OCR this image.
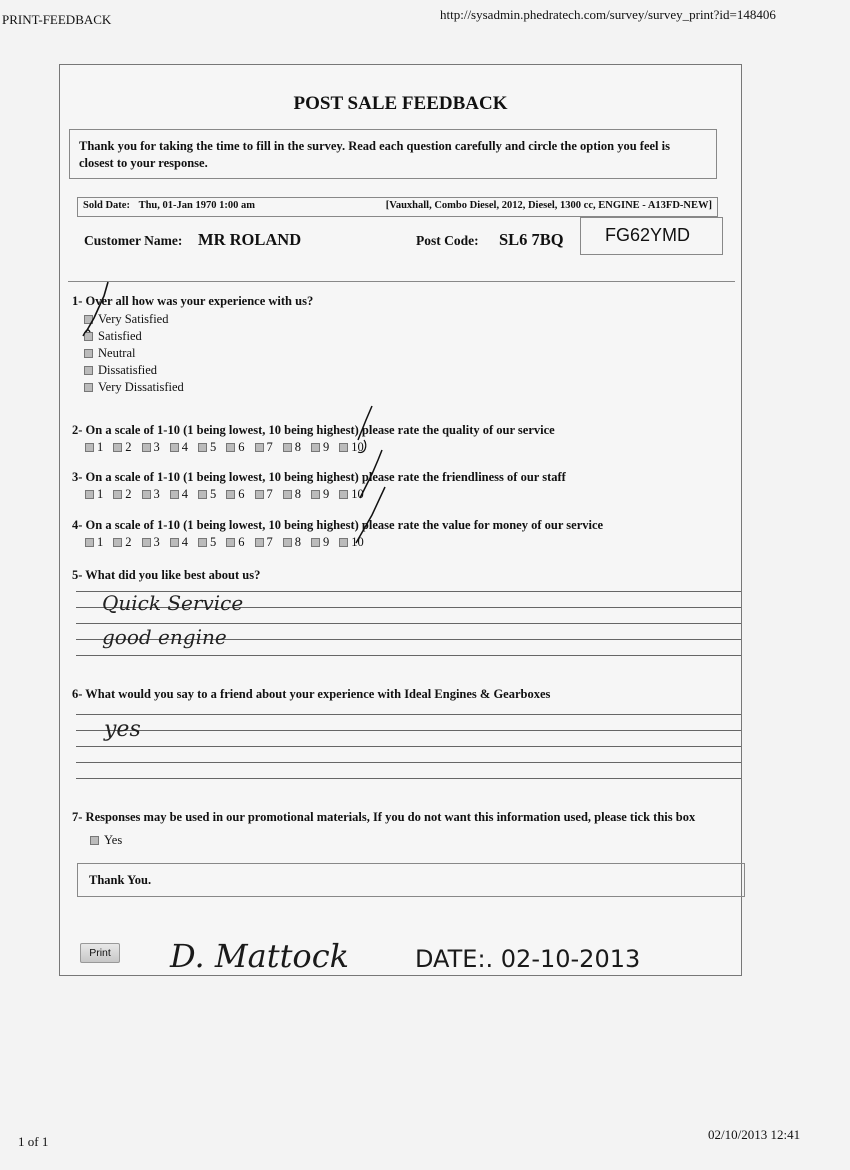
PRINT-FEEDBACK	http://sysadmin.phedratech.com/survey/survey_print?id=148406
POST SALE FEEDBACK
Thank you for taking the time to fill in the survey. Read each question carefully and circle the option you feel is closest to your response.
Sold Date: Thu, 01-Jan 1970 1:00 am	[Vauxhall, Combo Diesel, 2012, Diesel, 1300 cc, ENGINE - A13FD-NEW]
Customer Name: MR ROLAND	Post Code: SL6 7BQ	FG62YMD
1- Over all how was your experience with us?
Very Satisfied
Satisfied
Neutral
Dissatisfied
Very Dissatisfied
2- On a scale of 1-10 (1 being lowest, 10 being highest) please rate the quality of our service
1 2 3 4 5 6 7 8 9 10
3- On a scale of 1-10 (1 being lowest, 10 being highest) please rate the friendliness of our staff
1 2 3 4 5 6 7 8 9 10
4- On a scale of 1-10 (1 being lowest, 10 being highest) please rate the value for money of our service
1 2 3 4 5 6 7 8 9 10
5- What did you like best about us?
Quick Service
good engine
6- What would you say to a friend about your experience with Ideal Engines & Gearboxes
yes
7- Responses may be used in our promotional materials, If you do not want this information used, please tick this box
Yes
Thank You.
Print D. Mattock	DATE:. 02-10-2013
1 of 1	02/10/2013 12:41
